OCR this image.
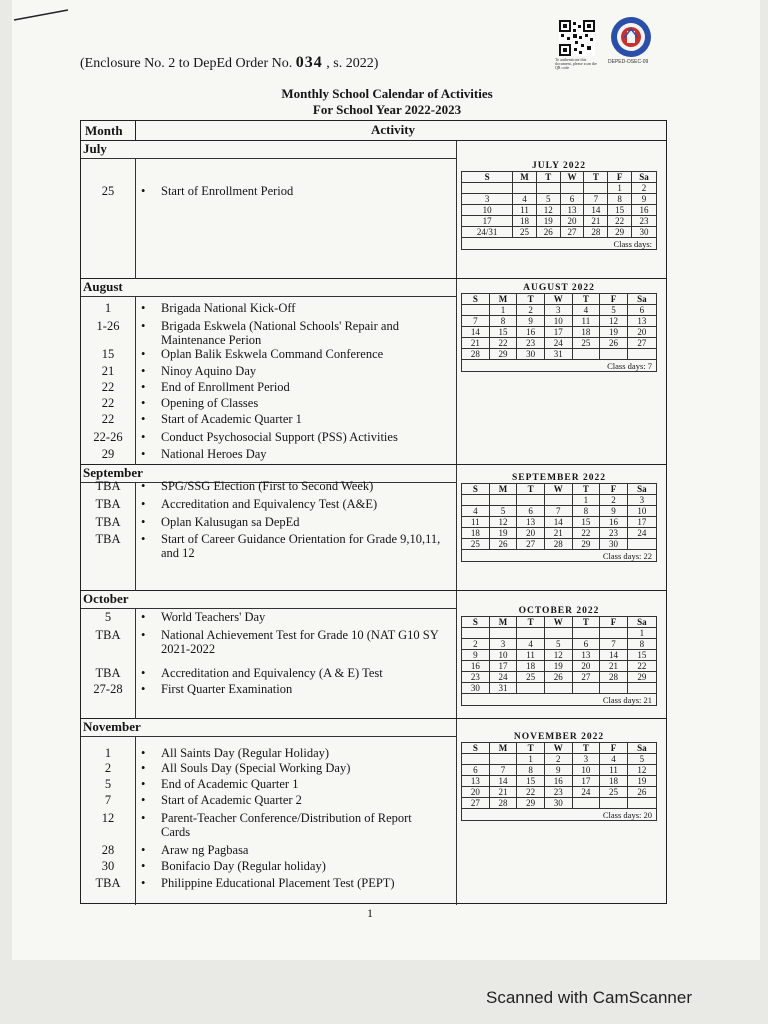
(Enclosure No. 2 to DepEd Order No. 034 , s. 2022)	To authenticate this document, please scan the QR code
DEPED-OSEC-09
Monthly School Calendar of Activities
For School Year 2022-2023
Month	Activity
July
25	• Start of Enrollment Period
JULY 2022
S	M	T	W	T	F	Sa
					1	2
3	4	5	6	7	8	9
10	11	12	13	14	15	16
17	18	19	20	21	22	23
24/31	25	26	27	28	29	30
Class days:						
August
1	• Brigada National Kick-Off
1-26	• Brigada Eskwela (National Schools' Repair and Maintenance Perion
15	• Oplan Balik Eskwela Command Conference
21	• Ninoy Aquino Day
22	• End of Enrollment Period
22	• Opening of Classes
22	• Start of Academic Quarter 1
22-26	• Conduct Psychosocial Support (PSS) Activities
29	• National Heroes Day
AUGUST 2022
S	M	T	W	T	F	Sa
	1	2	3	4	5	6
7	8	9	10	11	12	13
14	15	16	17	18	19	20
21	22	23	24	25	26	27
28	29	30	31			
Class days: 7						
September
TBA	• SPG/SSG Election (First to Second Week)
TBA	• Accreditation and Equivalency Test (A&E)
TBA	• Oplan Kalusugan sa DepEd
TBA	• Start of Career Guidance Orientation for Grade 9,10,11, and 12
SEPTEMBER 2022
S	M	T	W	T	F	Sa
				1	2	3
4	5	6	7	8	9	10
11	12	13	14	15	16	17
18	19	20	21	22	23	24
25	26	27	28	29	30	
Class days: 22						
October
5	• World Teachers' Day
TBA	• National Achievement Test for Grade 10 (NAT G10 SY 2021-2022
TBA	• Accreditation and Equivalency (A & E) Test
27-28	• First Quarter Examination
OCTOBER 2022
S	M	T	W	T	F	Sa
						1
2	3	4	5	6	7	8
9	10	11	12	13	14	15
16	17	18	19	20	21	22
23	24	25	26	27	28	29
30	31					
Class days: 21						
November
1	• All Saints Day (Regular Holiday)
2	• All Souls Day (Special Working Day)
5	• End of Academic Quarter 1
7	• Start of Academic Quarter 2
12	• Parent-Teacher Conference/Distribution of Report Cards
28	• Araw ng Pagbasa
30	• Bonifacio Day (Regular holiday)
TBA	• Philippine Educational Placement Test (PEPT)
NOVEMBER 2022
S	M	T	W	T	F	Sa
		1	2	3	4	5
6	7	8	9	10	11	12
13	14	15	16	17	18	19
20	21	22	23	24	25	26
27	28	29	30			
Class days: 20						
1
Scanned with CamScanner
